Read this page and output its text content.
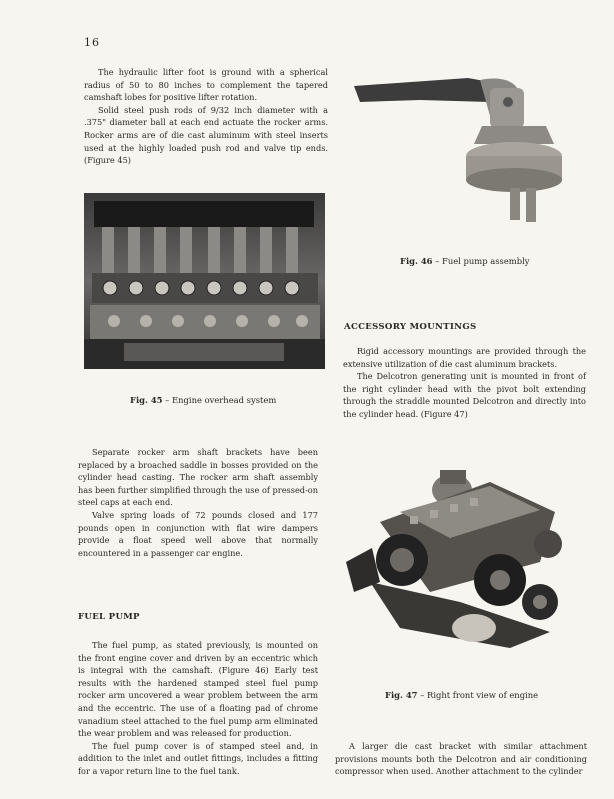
16

The hydraulic lifter foot is ground with a spherical radius of 50 to 80 inches to complement the tapered camshaft lobes for positive lifter rotation.

Solid steel push rods of 9/32 inch diameter with a .375" diameter ball at each end actuate the rocker arms. Rocker arms are of die cast aluminum with steel inserts used at the highly loaded push rod and valve tip ends. (Figure 45)

Fig. 45 – Engine overhead system

Separate rocker arm shaft brackets have been replaced by a broached saddle in bosses provided on the cylinder head casting. The rocker arm shaft assembly has been further simplified through the use of pressed-on steel caps at each end.

Valve spring loads of 72 pounds closed and 177 pounds open in conjunction with flat wire dampers provide a float speed well above that normally encountered in a passenger car engine.

FUEL PUMP

The fuel pump, as stated previously, is mounted on the front engine cover and driven by an eccentric which is integral with the camshaft. (Figure 46) Early test results with the hardened stamped steel fuel pump rocker arm uncovered a wear problem between the arm and the eccentric. The use of a floating pad of chrome vanadium steel attached to the fuel pump arm eliminated the wear problem and was released for production.

The fuel pump cover is of stamped steel and, in addition to the inlet and outlet fittings, includes a fitting for a vapor return line to the fuel tank.

Fig. 46 – Fuel pump assembly
ACCESSORY MOUNTINGS

Rigid accessory mountings are provided through the extensive utilization of die cast aluminum brackets.

The Delcotron generating unit is mounted in front of the right cylinder head with the pivot bolt extending through the straddle mounted Delcotron and directly into the cylinder head. (Figure 47)

Fig. 47 – Right front view of engine

A larger die cast bracket with similar attachment provisions mounts both the Delcotron and air conditioning compressor when used. Another attachment to the cylinder
